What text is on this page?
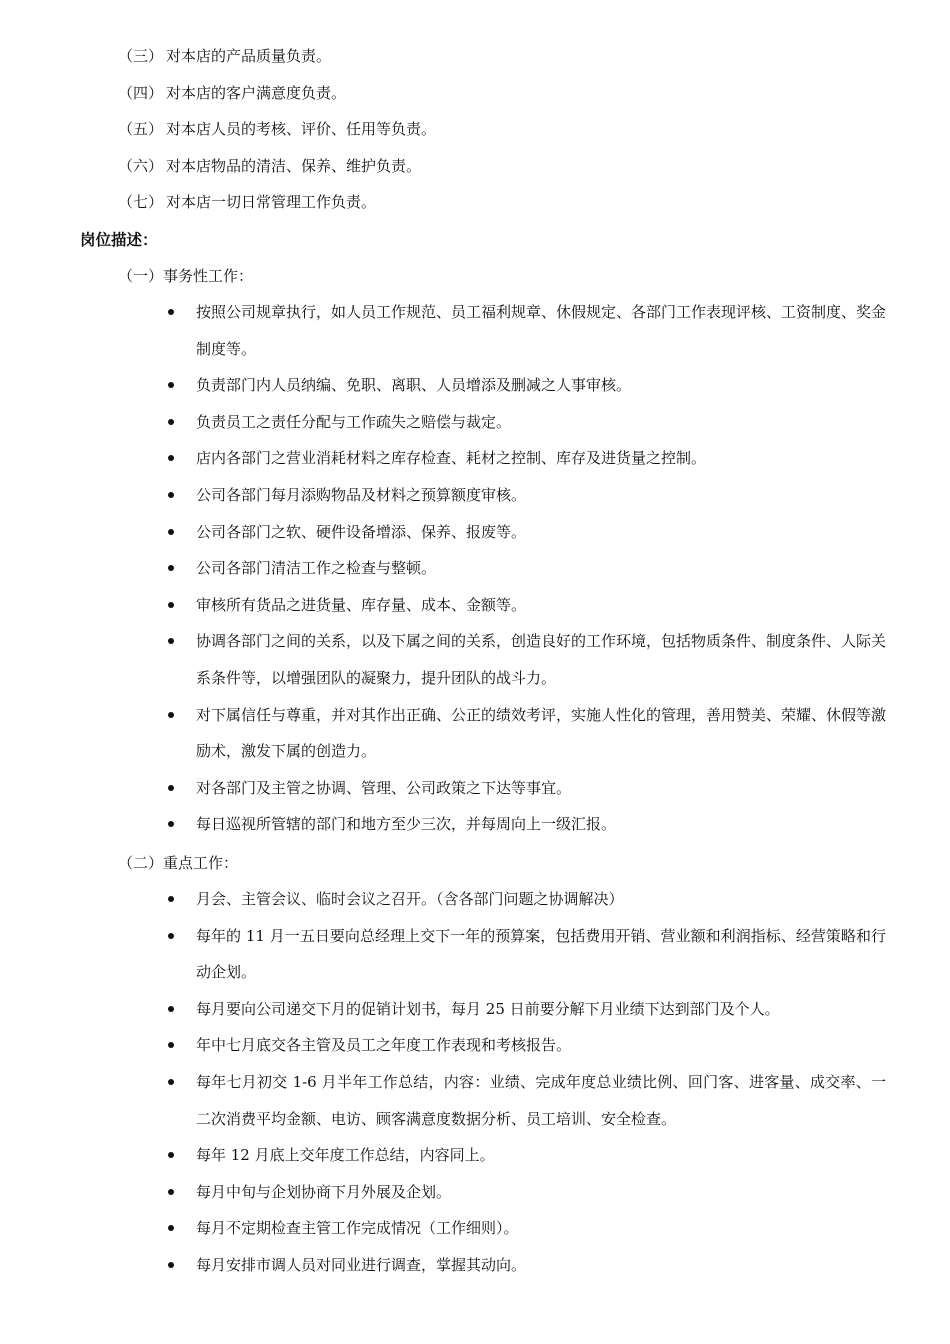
（三） 对本店的产品质量负责。
（四） 对本店的客户满意度负责。
（五） 对本店人员的考核、评价、任用等负责。
（六） 对本店物品的清洁、保养、维护负责。
（七） 对本店一切日常管理工作负责。
岗位描述：
（一）事务性工作：
按照公司规章执行，如人员工作规范、员工福利规章、休假规定、各部门工作表现评核、工资制度、奖金制度等。
负责部门内人员纳编、免职、离职、人员增添及删减之人事审核。
负责员工之责任分配与工作疏失之赔偿与裁定。
店内各部门之营业消耗材料之库存检查、耗材之控制、库存及进货量之控制。
公司各部门每月添购物品及材料之预算额度审核。
公司各部门之软、硬件设备增添、保养、报废等。
公司各部门清洁工作之检查与整顿。
审核所有货品之进货量、库存量、成本、金额等。
协调各部门之间的关系，以及下属之间的关系，创造良好的工作环境，包括物质条件、制度条件、人际关系条件等，以增强团队的凝聚力，提升团队的战斗力。
对下属信任与尊重，并对其作出正确、公正的绩效考评，实施人性化的管理，善用赞美、荣耀、休假等激励术，激发下属的创造力。
对各部门及主管之协调、管理、公司政策之下达等事宜。
每日巡视所管辖的部门和地方至少三次，并每周向上一级汇报。
（二）重点工作：
月会、主管会议、临时会议之召开。（含各部门问题之协调解决）
每年的 11 月一五日要向总经理上交下一年的预算案，包括费用开销、营业额和利润指标、经营策略和行动企划。
每月要向公司递交下月的促销计划书，每月 25 日前要分解下月业绩下达到部门及个人。
年中七月底交各主管及员工之年度工作表现和考核报告。
每年七月初交 1-6 月半年工作总结，内容：业绩、完成年度总业绩比例、回门客、进客量、成交率、一二次消费平均金额、电访、顾客满意度数据分析、员工培训、安全检查。
每年 12 月底上交年度工作总结，内容同上。
每月中旬与企划协商下月外展及企划。
每月不定期检查主管工作完成情况（工作细则）。
每月安排市调人员对同业进行调查，掌握其动向。
